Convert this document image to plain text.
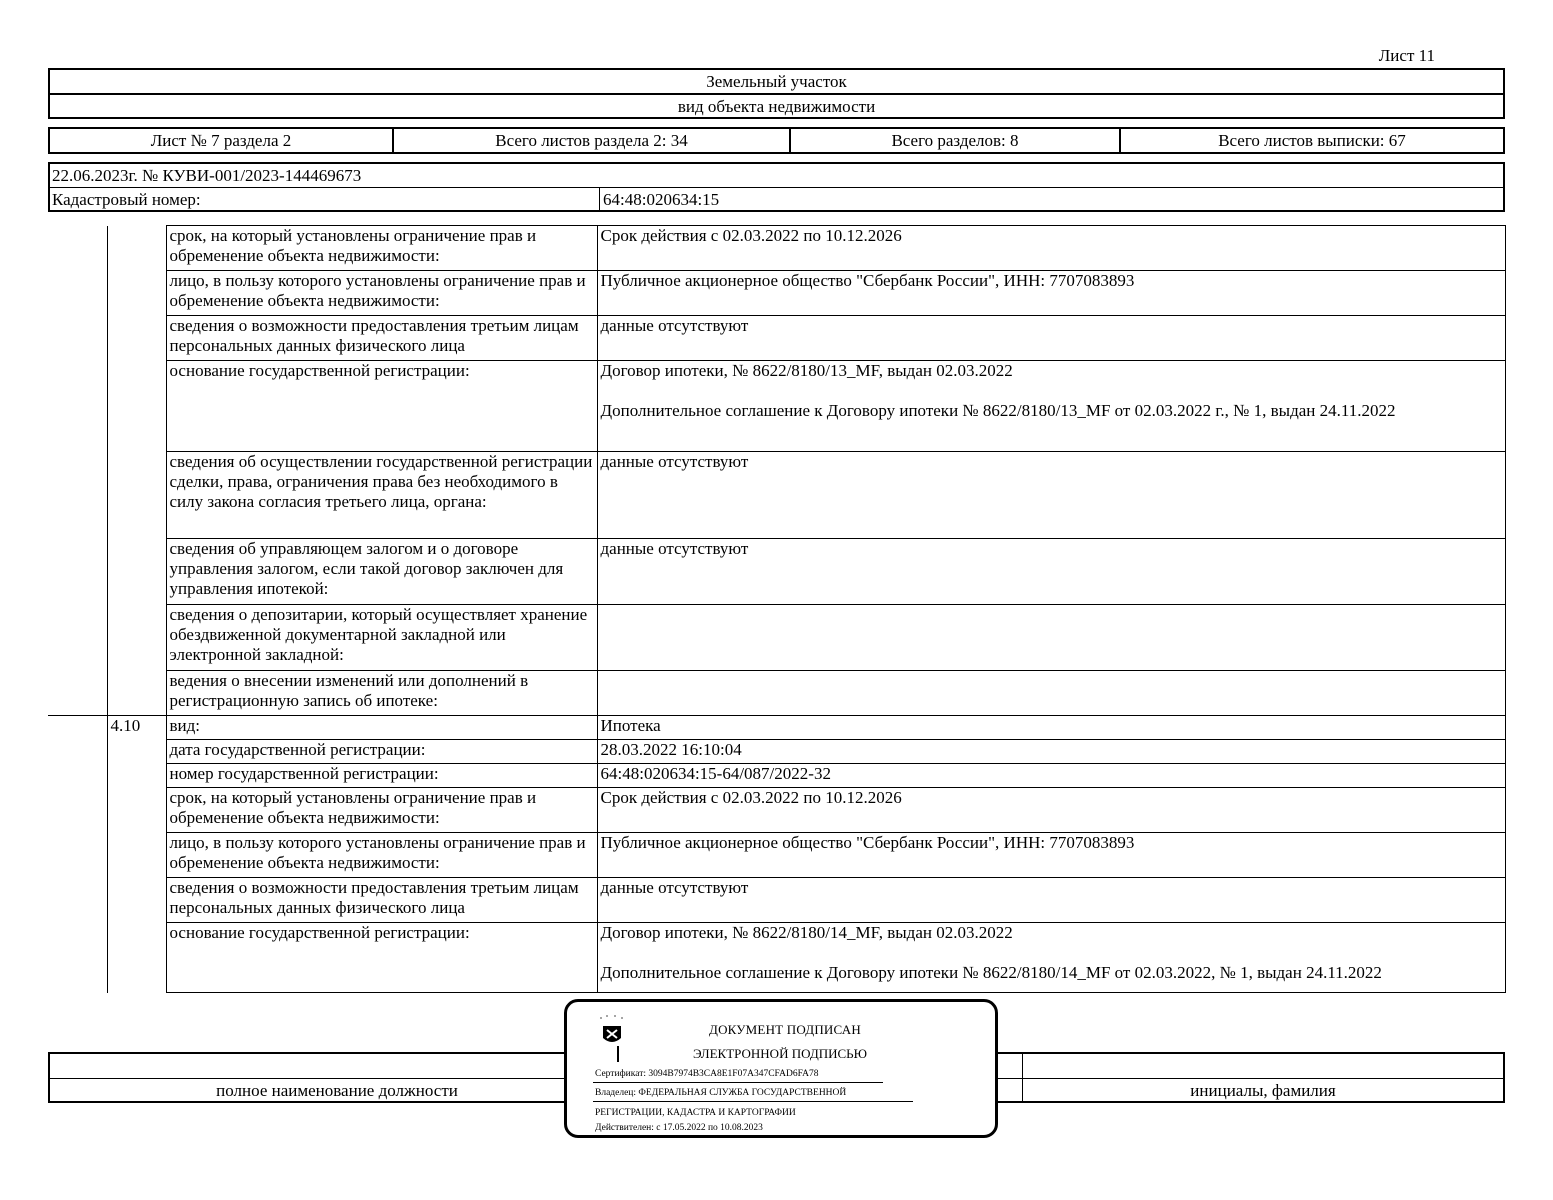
Лист 11
Земельный участок
вид объекта недвижимости
Лист № 7 раздела 2	Всего листов раздела 2: 34	Всего разделов: 8	Всего листов выписки: 67
22.06.2023г. № КУВИ-001/2023-144469673
Кадастровый номер:	64:48:020634:15
		срок, на который установлены ограничение прав и обременение объекта недвижимости:	Срок действия с 02.03.2022 по 10.12.2026
		лицо, в пользу которого установлены ограничение прав и обременение объекта недвижимости:	Публичное акционерное общество "Сбербанк России", ИНН: 7707083893
		сведения о возможности предоставления третьим лицам персональных данных физического лица	данные отсутствуют
		основание государственной регистрации:	Договор ипотеки, № 8622/8180/13_MF, выдан 02.03.2022
Дополнительное соглашение к Договору ипотеки № 8622/8180/13_MF от 02.03.2022 г., № 1, выдан 24.11.2022

		сведения об осуществлении государственной регистрации сделки, права, ограничения права без необходимого в силу закона согласия третьего лица, органа:	данные отсутствуют
		сведения об управляющем залогом и о договоре управления залогом, если такой договор заключен для управления ипотекой:	данные отсутствуют
		сведения о депозитарии, который осуществляет хранение обездвиженной документарной закладной или электронной закладной:	
		ведения о внесении изменений или дополнений в регистрационную запись об ипотеке:	
	4.10	вид:	Ипотека
		дата государственной регистрации:	28.03.2022 16:10:04
		номер государственной регистрации:	64:48:020634:15-64/087/2022-32
		срок, на который установлены ограничение прав и обременение объекта недвижимости:	Срок действия с 02.03.2022 по 10.12.2026
		лицо, в пользу которого установлены ограничение прав и обременение объекта недвижимости:	Публичное акционерное общество "Сбербанк России", ИНН: 7707083893
		сведения о возможности предоставления третьим лицам персональных данных физического лица	данные отсутствуют
		основание государственной регистрации:	Договор ипотеки, № 8622/8180/14_MF, выдан 02.03.2022
Дополнительное соглашение к Договору ипотеки № 8622/8180/14_MF от 02.03.2022, № 1, выдан 24.11.2022
полное наименование должности	инициалы, фамилия
ДОКУМЕНТ ПОДПИСАН
ЭЛЕКТРОННОЙ ПОДПИСЬЮ
Сертификат: 3094B7974B3CA8E1F07A347CFAD6FA78
Владелец: ФЕДЕРАЛЬНАЯ СЛУЖБА ГОСУДАРСТВЕННОЙ
РЕГИСТРАЦИИ, КАДАСТРА И КАРТОГРАФИИ
Действителен: с 17.05.2022 по 10.08.2023
